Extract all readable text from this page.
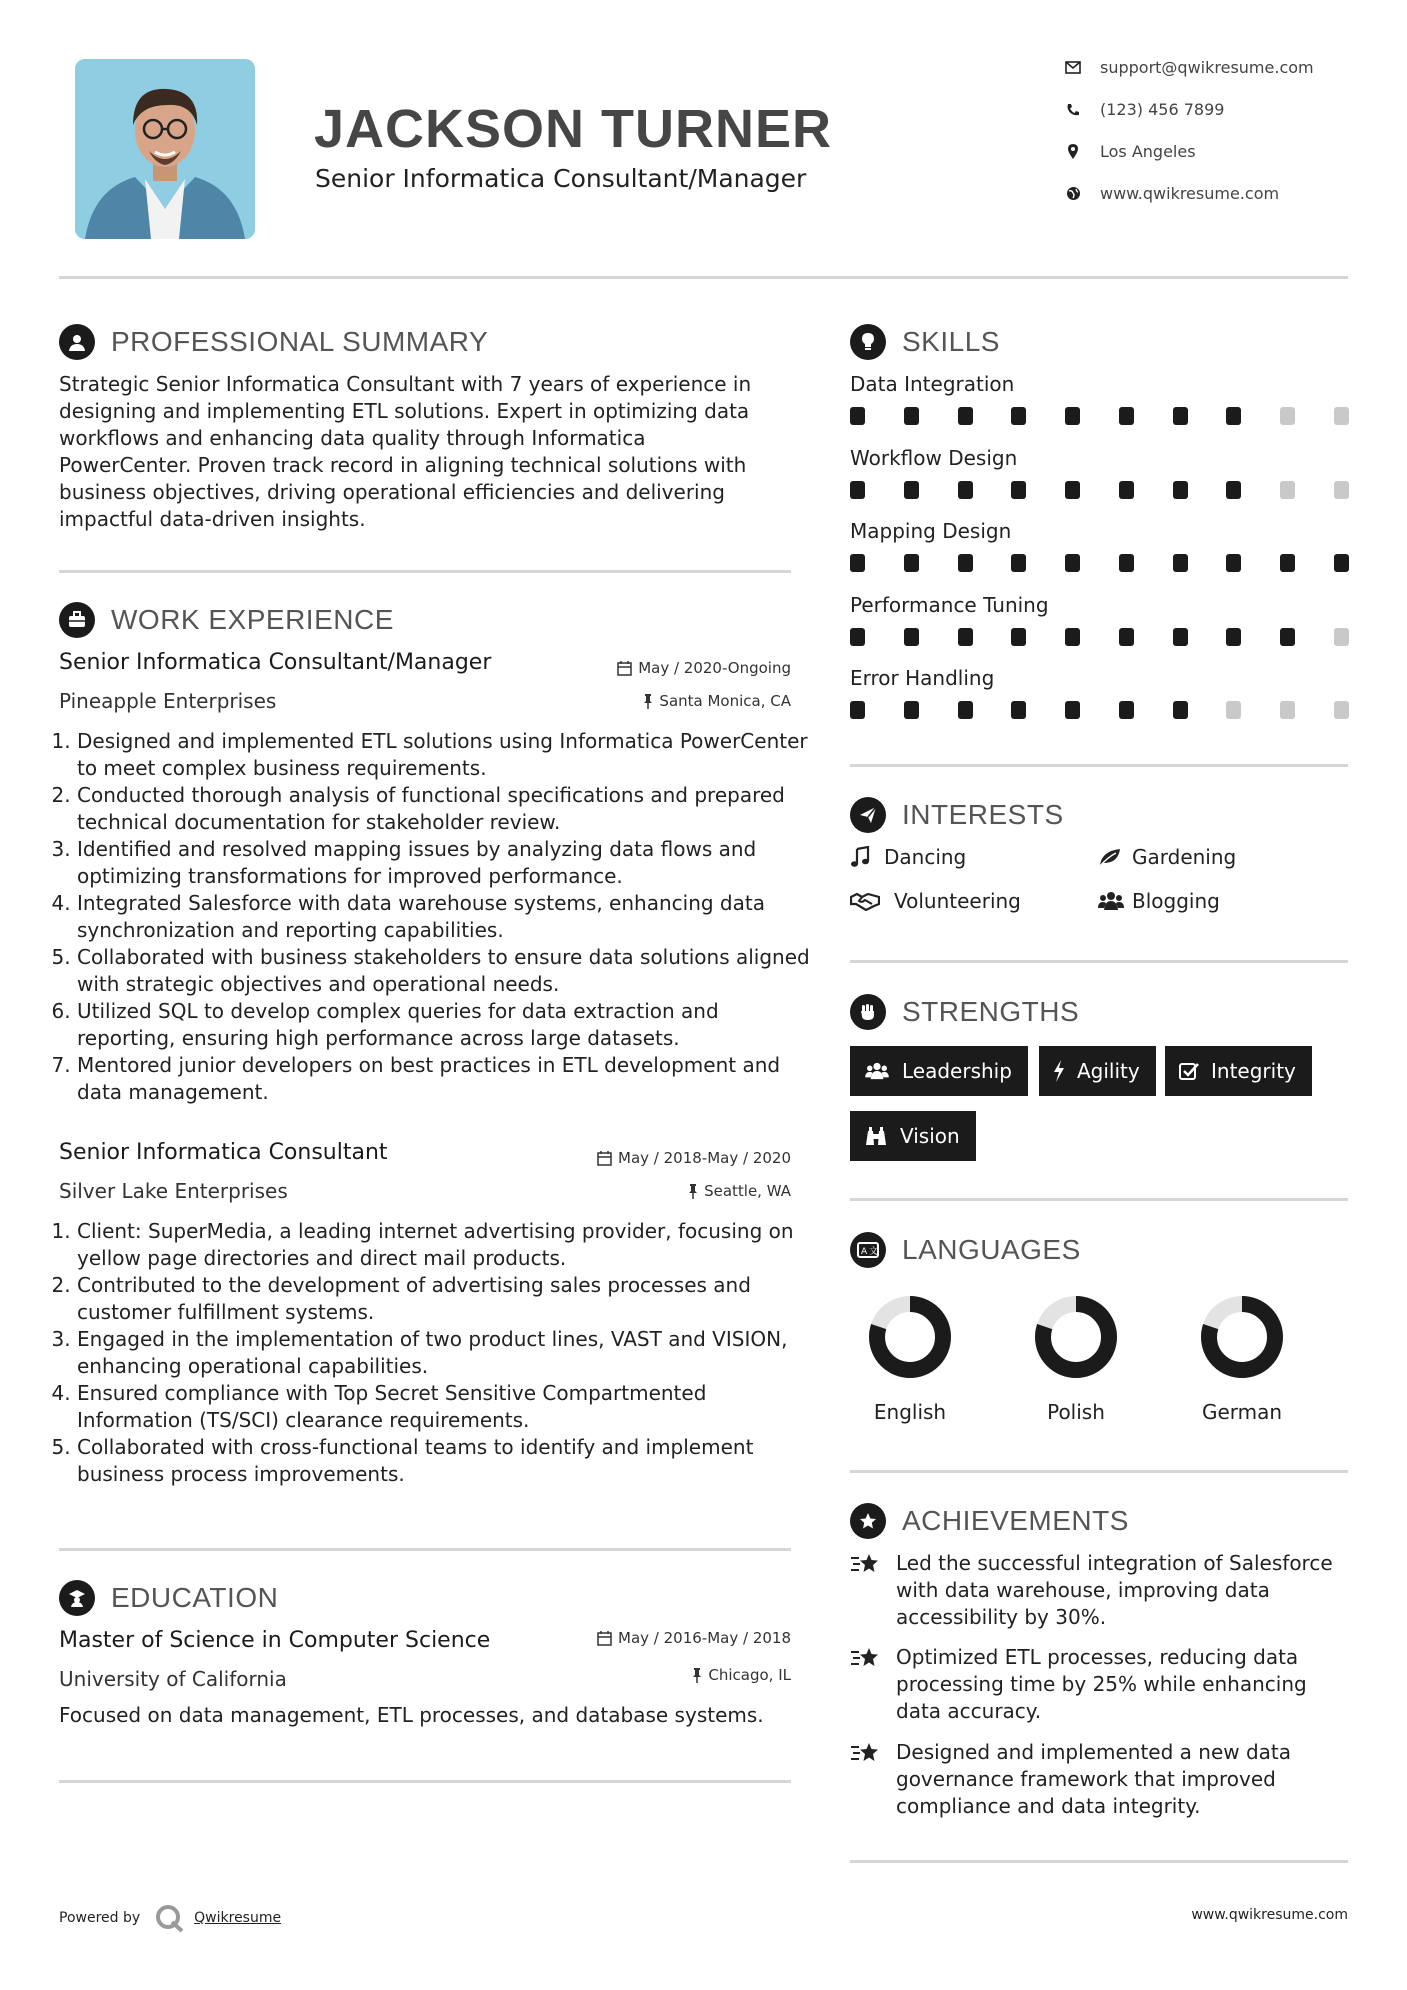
JACKSON TURNER
Senior Informatica Consultant/Manager
support@qwikresume.com
(123) 456 7899
Los Angeles
www.qwikresume.com
PROFESSIONAL SUMMARY
Strategic Senior Informatica Consultant with 7 years of experience in
designing and implementing ETL solutions. Expert in optimizing data
workflows and enhancing data quality through Informatica
PowerCenter. Proven track record in aligning technical solutions with
business objectives, driving operational efficiencies and delivering
impactful data-driven insights.
WORK EXPERIENCE
Senior Informatica Consultant/Manager	May / 2020-Ongoing
Pineapple Enterprises	Santa Monica, CA
1. Designed and implemented ETL solutions using Informatica PowerCenter to meet complex business requirements.
2. Conducted thorough analysis of functional specifications and prepared technical documentation for stakeholder review.
3. Identified and resolved mapping issues by analyzing data flows and optimizing transformations for improved performance.
4. Integrated Salesforce with data warehouse systems, enhancing data synchronization and reporting capabilities.
5. Collaborated with business stakeholders to ensure data solutions aligned with strategic objectives and operational needs.
6. Utilized SQL to develop complex queries for data extraction and reporting, ensuring high performance across large datasets.
7. Mentored junior developers on best practices in ETL development and data management.
Senior Informatica Consultant	May / 2018-May / 2020
Silver Lake Enterprises	Seattle, WA
1. Client: SuperMedia, a leading internet advertising provider, focusing on yellow page directories and direct mail products.
2. Contributed to the development of advertising sales processes and customer fulfillment systems.
3. Engaged in the implementation of two product lines, VAST and VISION, enhancing operational capabilities.
4. Ensured compliance with Top Secret Sensitive Compartmented Information (TS/SCI) clearance requirements.
5. Collaborated with cross-functional teams to identify and implement business process improvements.
EDUCATION
Master of Science in Computer Science	May / 2016-May / 2018
University of California	Chicago, IL
Focused on data management, ETL processes, and database systems.
SKILLS
Data Integration
Workflow Design
Mapping Design
Performance Tuning
Error Handling
INTERESTS
Dancing	Gardening
Volunteering	Blogging
STRENGTHS
Leadership	Agility	Integrity
Vision
A 文 LANGUAGES
English	Polish	German
ACHIEVEMENTS
Led the successful integration of Salesforce
with data warehouse, improving data
accessibility by 30%.
Optimized ETL processes, reducing data
processing time by 25% while enhancing
data accuracy.
Designed and implemented a new data
governance framework that improved
compliance and data integrity.
Powered by	Qwikresume	www.qwikresume.com
